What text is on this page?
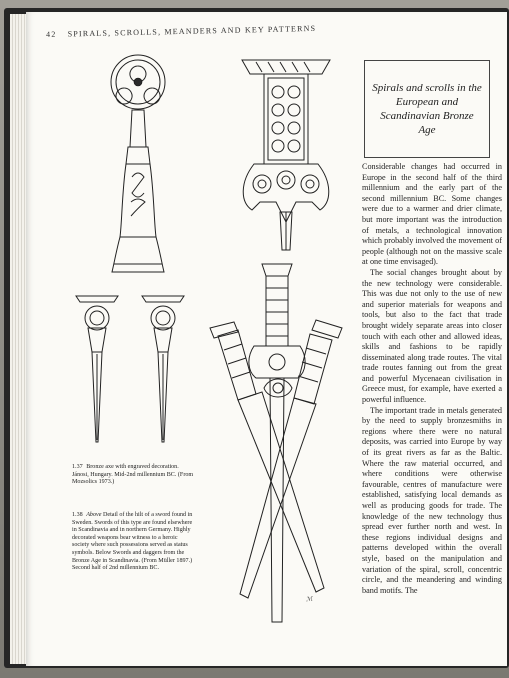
42 SPIRALS, SCROLLS, MEANDERS AND KEY PATTERNS
ℳ
Spirals and scrolls in the European and Scandinavian Bronze Age

Considerable changes had occurred in Europe in the second half of the third millennium and the early part of the second millennium BC. Some changes were due to a warmer and drier climate, but more important was the introduction of metals, a technological innovation which probably involved the movement of people (although not on the massive scale at one time envisaged).

The social changes brought about by the new technology were considerable. This was due not only to the use of new and superior materials for weapons and tools, but also to the fact that trade brought widely separate areas into closer touch with each other and allowed ideas, skills and fashions to be rapidly disseminated along trade routes. The vital trade routes fanning out from the great and powerful Mycenaean civilisation in Greece must, for example, have exerted a powerful influence.

The important trade in metals generated by the need to supply bronzesmiths in regions where there were no natural deposits, was carried into Europe by way of its great rivers as far as the Baltic. Where the raw material occurred, and where conditions were otherwise favourable, centres of manufacture were established, satisfying local demands as well as producing goods for trade. The knowledge of the new technology thus spread ever further north and west. In these regions individual designs and patterns developed within the overall style, based on the manipulation and variation of the spiral, scroll, concentric circle, and the meandering and winding band motifs. The

1.37 Bronze axe with engraved decoration. Jánosi, Hungary. Mid-2nd millennium BC. (From Mozsolics 1973.)
1.38 Above Detail of the hilt of a sword found in Sweden. Swords of this type are found elsewhere in Scandinavia and in northern Germany. Highly decorated weapons bear witness to a heroic society where such possessions served as status symbols. Below Swords and daggers from the Bronze Age in Scandinavia. (From Müller 1897.) Second half of 2nd millennium BC.
